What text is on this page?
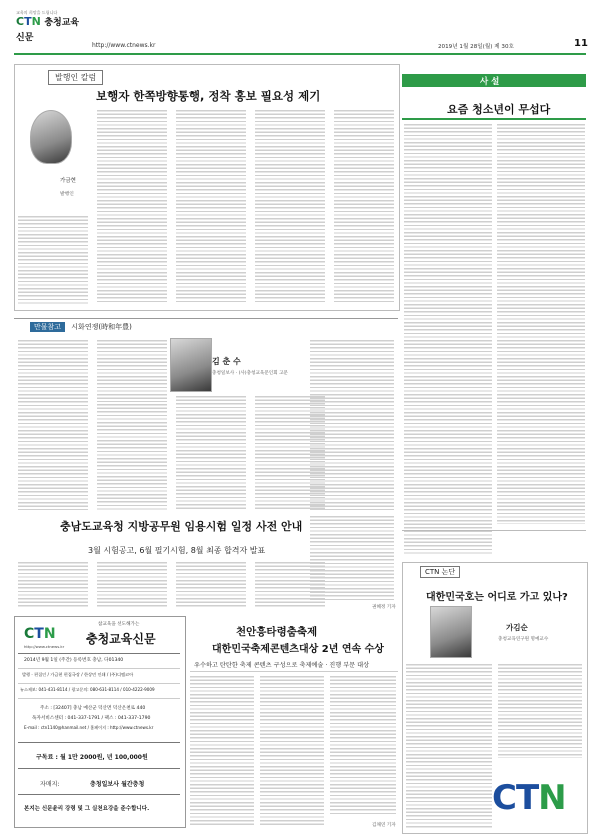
교육의 희망을 드립니다
CTN 충청교육신문
http://www.ctnews.kr	2019년 1월 28일(월) 제 30호	11
발행인 칼럼
보행자 한쪽방향통행, 정착 홍보 필요성 제기
가금현
발행인
사 설
요즘 청소년이 무섭다
만물참고 시화연쟁(時和年豊)
김 춘 수
충청일보사 · (사)충청교육문인회 고문
충남도교육청 지방공무원 임용시험 일정 사전 안내
3월 시험공고, 6월 필기시험, 8월 최종 합격자 발표
권혜정 기자
참교육을 선도해가는
CTN
http://www.ctnews.kr
충청교육신문
2014년 9월 1일 (주간) 등록번호 충남, 다01340
발행 · 편집인 / 가금현 편집국장 / 한상민 인쇄 / (주)디엠코아
뉴스제보: 041-431-8114 / 광고문의: 080-631-8114 / 010-4222-9009
주소 : [32407] 충남 예산군 덕산면 덕산온천로 440
독자서비스센터 : 041-337-1791 / 팩스 : 041-337-1790
E-mail : ctn1140@hanmail.net / 홈페이지 : http://www.ctnews.kr
구독료 : 월 1만 2000원, 년 100,000원
자매지:	충청일보사 월간충청
본지는 신문윤리 강령 및 그 실천요강을 준수합니다.
천안흥타령춤축제
대한민국축제콘텐츠대상 2년 연속 수상
우수하고 탄탄한 축제 콘텐츠 구성으로 축제예술 · 진행 부문 대상
김채연 기자
CTN 논단
대한민국호는 어디로 가고 있나?
가김순
충청교육연구원 명예교수
CTN
